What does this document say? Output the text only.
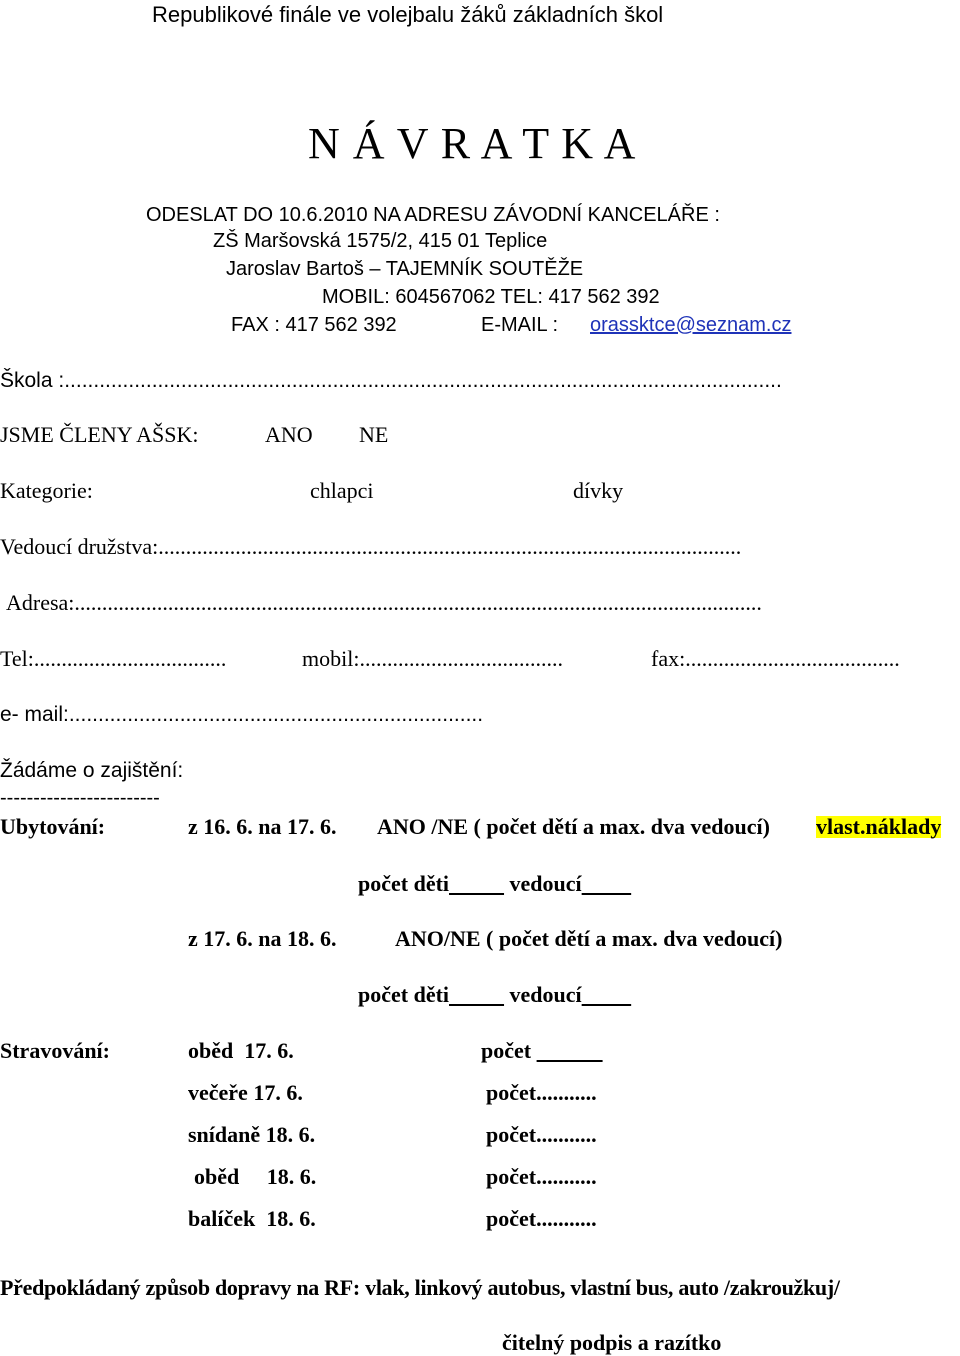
Republikové finále ve volejbalu žáků základních škol
N Á V R A T K A
ODESLAT DO 10.6.2010 NA ADRESU ZÁVODNÍ KANCELÁŘE :
ZŠ Maršovská 1575/2, 415 01 Teplice
Jaroslav Bartoš – TAJEMNÍK SOUTĚŽE
MOBIL: 604567062 TEL: 417 562 392
FAX : 417 562 392	E-MAIL : orassktce@seznam.cz
Škola :...........................................................................................................................
JSME ČLENY AŠSK:	ANO NE
Kategorie:	chlapci	dívky
Vedoucí družstva:..........................................................................................................
Adresa:.............................................................................................................................
Tel:...................................	mobil:.....................................	fax:.......................................
e- mail:.......................................................................
Žádáme o zajištění:
------------------------
Ubytování:	z 16. 6. na 17. 6. ANO /NE ( počet dětí a max. dva vedoucí) vlast.náklady
počet děti	vedoucí
z 17. 6. na 18. 6.	ANO/NE ( počet dětí a max. dva vedoucí)
počet děti	vedoucí
Stravování:	oběd  17. 6.	počet
večeře 17. 6.	počet...........
snídaně 18. 6.	počet...........
oběd     18. 6.	počet...........
balíček  18. 6.	počet...........
Předpokládaný způsob dopravy na RF: vlak, linkový autobus, vlastní bus, auto /zakroužkuj/
čitelný podpis a razítko
